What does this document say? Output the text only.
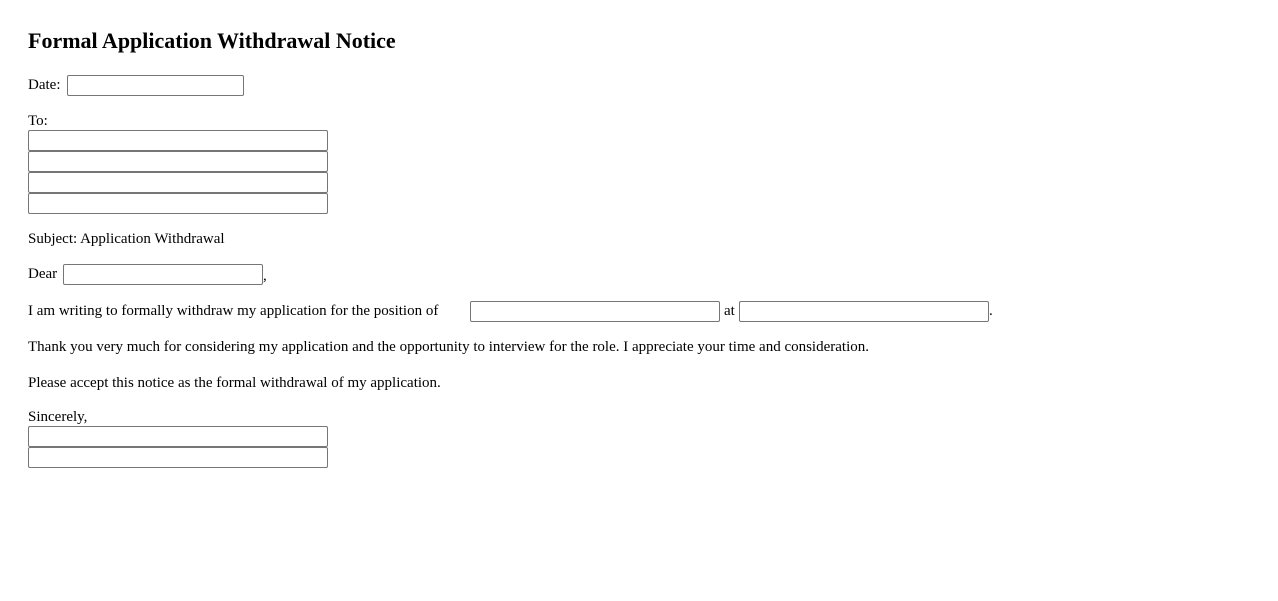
Formal Application Withdrawal Notice
Date:
To:
Subject: Application Withdrawal
Dear	,
I am writing to formally withdraw my application for the position of	at	.
Thank you very much for considering my application and the opportunity to interview for the role. I appreciate your time and consideration.
Please accept this notice as the formal withdrawal of my application.
Sincerely,
